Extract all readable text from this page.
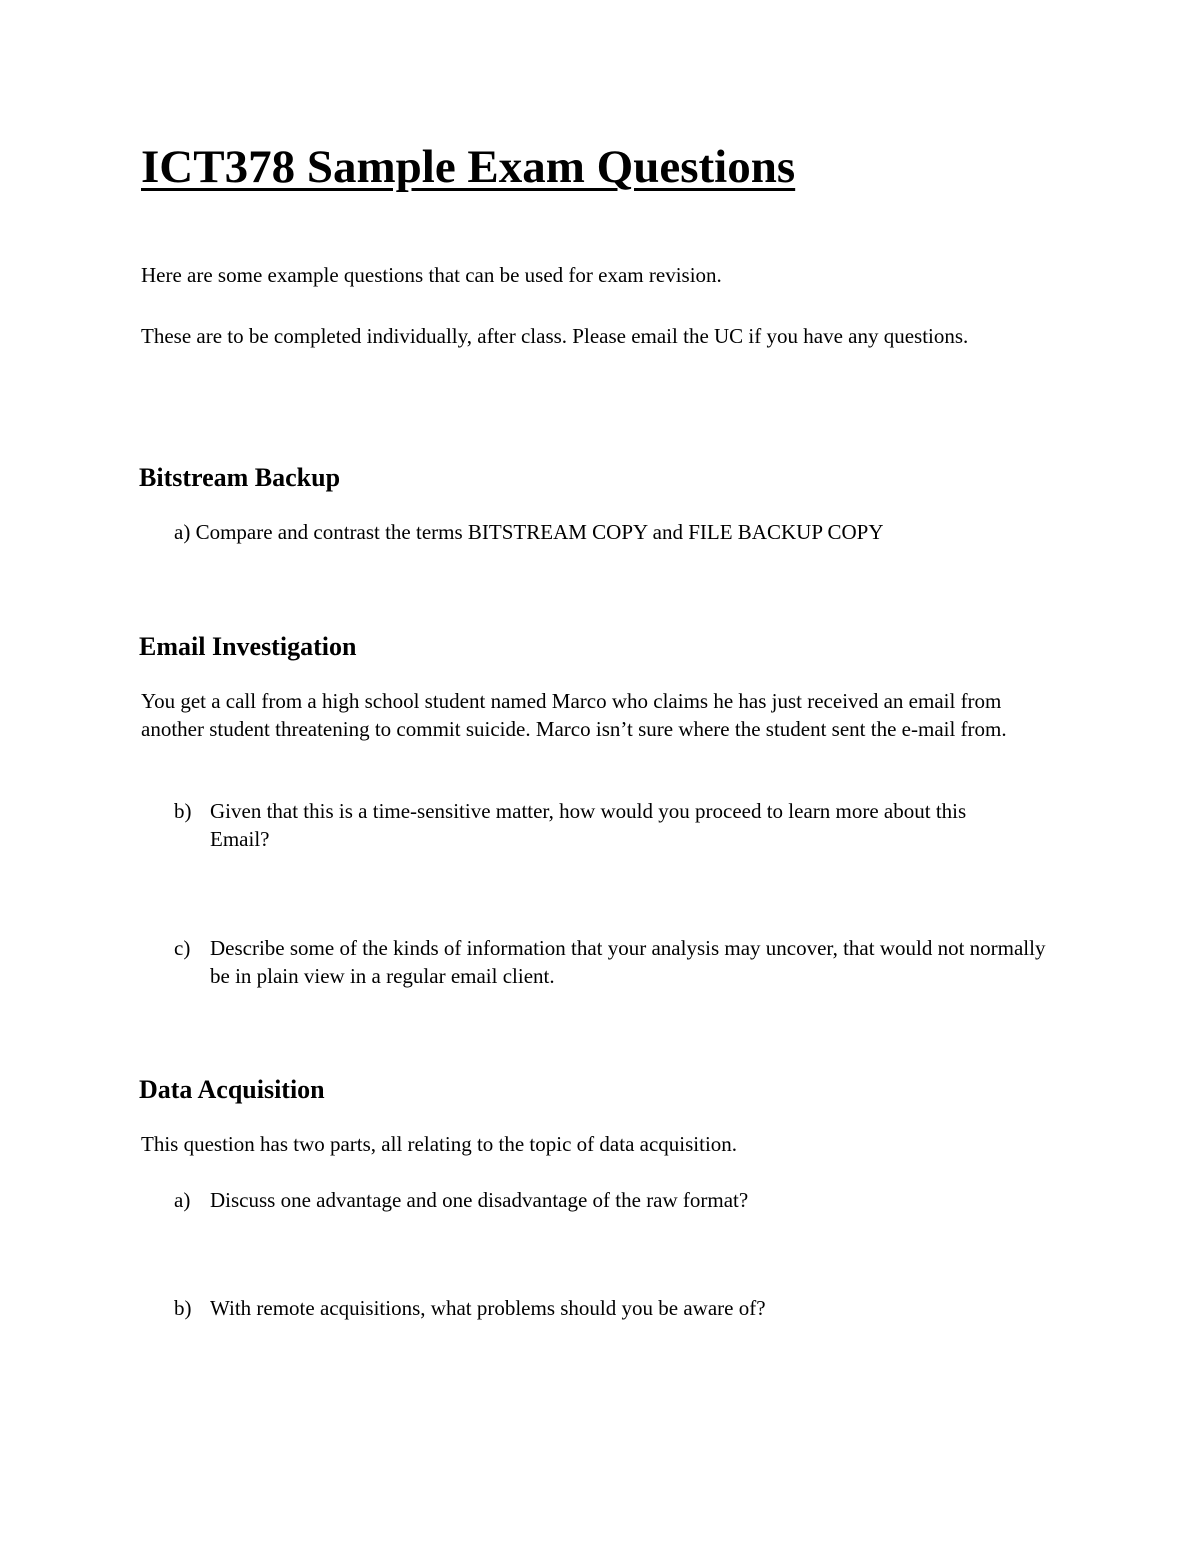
ICT378 Sample Exam Questions

Here are some example questions that can be used for exam revision.

These are to be completed individually, after class. Please email the UC if you have any questions.

Bitstream Backup
a) Compare and contrast the terms BITSTREAM COPY and FILE BACKUP COPY
Email Investigation

You get a call from a high school student named Marco who claims he has just received an email from another student threatening to commit suicide. Marco isn’t sure where the student sent the e-mail from.

b) Given that this is a time-sensitive matter, how would you proceed to learn more about this Email?
c) Describe some of the kinds of information that your analysis may uncover, that would not normally be in plain view in a regular email client.
Data Acquisition

This question has two parts, all relating to the topic of data acquisition.

a) Discuss one advantage and one disadvantage of the raw format?
b) With remote acquisitions, what problems should you be aware of?
